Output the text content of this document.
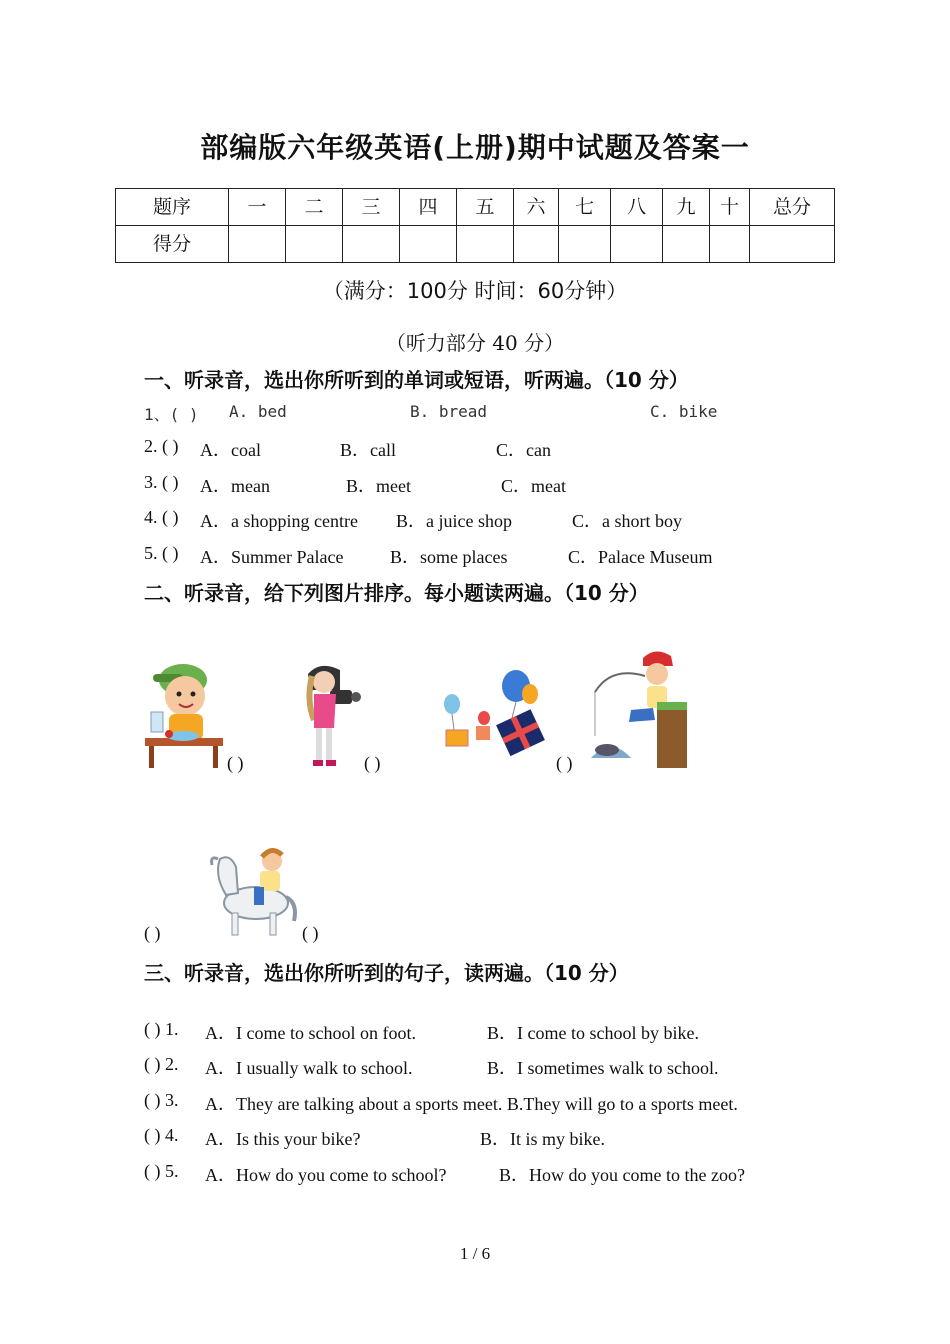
部编版六年级英语(上册)期中试题及答案一
题序	一	二	三	四	五	六	七	八	九	十	总分

得分											

（满分：100分 时间：60分钟）
（听力部分 40 分）
一、听录音，选出你所听到的单词或短语，听两遍。（10 分）
1、( ) A. bed	B. bread	C. bike
2. ( ) A．coal	B．call	C．can
3. ( ) A．mean	B．meet	C．meat
4. ( ) A．a shopping centre B．a juice shop	C．a short boy
5. ( ) A．Summer Palace	B．some places	C．Palace Museum
二、听录音，给下列图片排序。每小题读两遍。（10 分）
( )	( )	( )
( )	( )
三、听录音，选出你所听到的句子，读两遍。（10 分）
( ) 1. A．I come to school on foot.	B．I come to school by bike.
( ) 2. A．I usually walk to school.	B．I sometimes walk to school.
( ) 3. A．They are talking about a sports meet. B.They will go to a sports meet.
( ) 4. A．Is this your bike?	B．It is my bike.
( ) 5. A．How do you come to school?	B．How do you come to the zoo?
1 / 6
